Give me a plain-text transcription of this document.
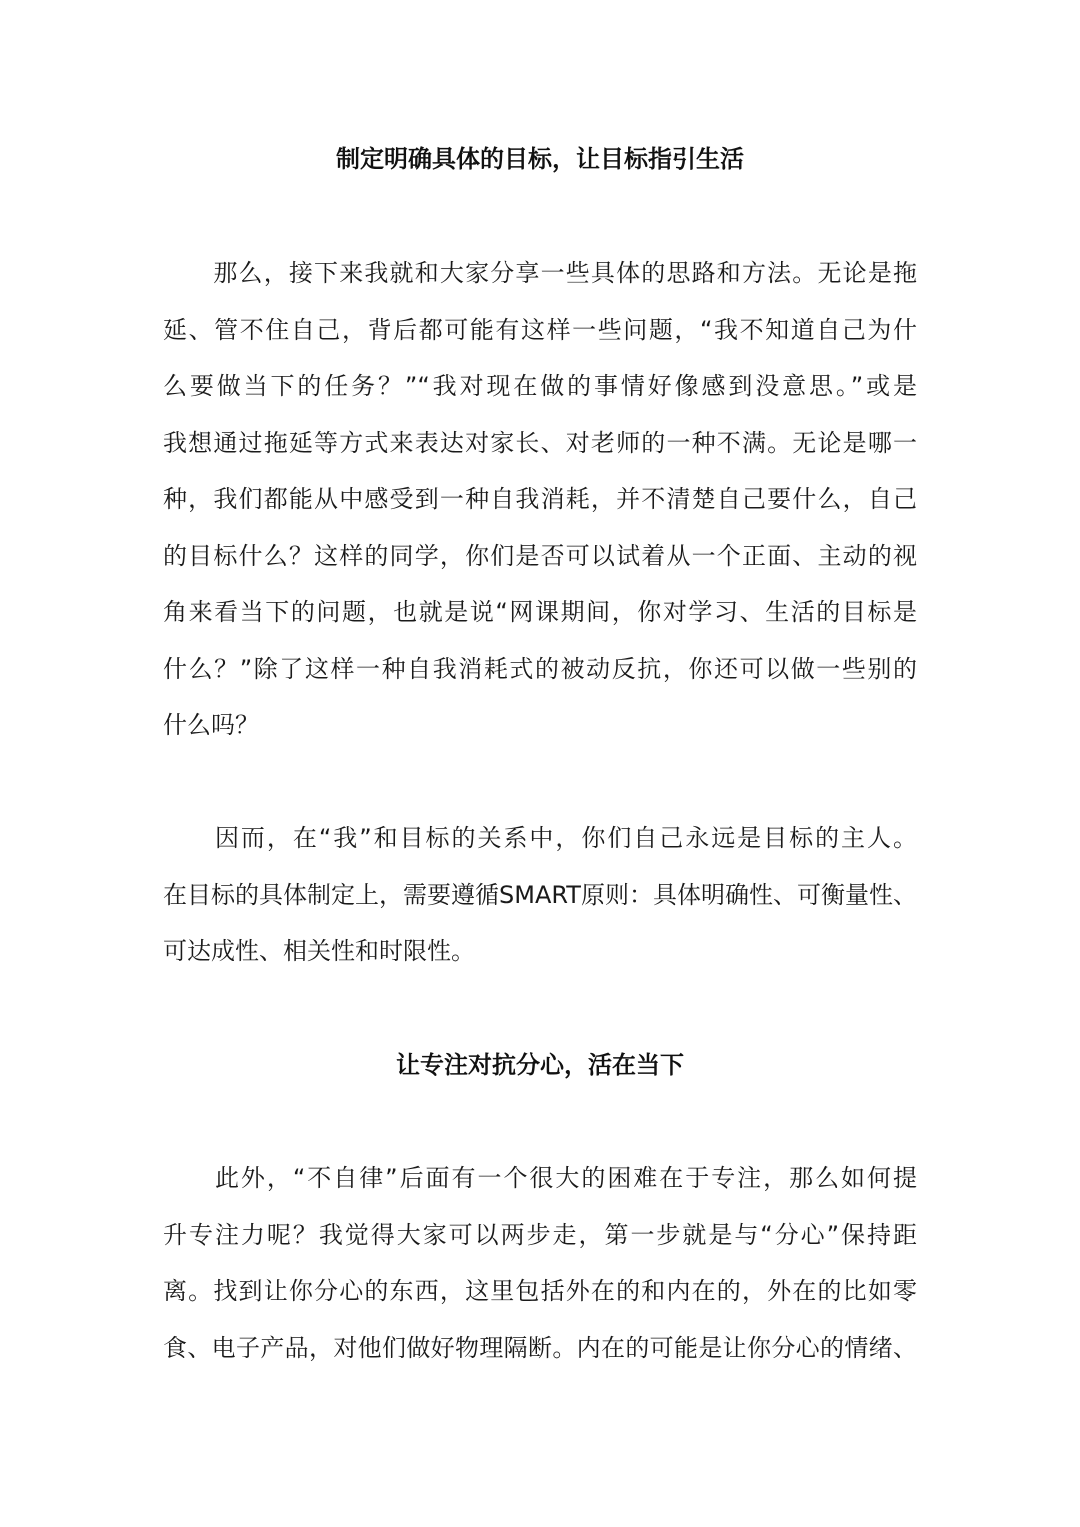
制定明确具体的目标，让目标指引生活
　　那么，接下来我就和大家分享一些具体的思路和方法。无论是拖
延、管不住自己，背后都可能有这样一些问题，“我不知道自己为什
么要做当下的任务？”“我对现在做的事情好像感到没意思。”或是
我想通过拖延等方式来表达对家长、对老师的一种不满。无论是哪一
种，我们都能从中感受到一种自我消耗，并不清楚自己要什么，自己
的目标什么？这样的同学，你们是否可以试着从一个正面、主动的视
角来看当下的问题，也就是说“网课期间，你对学习、生活的目标是
什么？”除了这样一种自我消耗式的被动反抗，你还可以做一些别的
什么吗？
　　因而，在“我”和目标的关系中，你们自己永远是目标的主人。
在目标的具体制定上，需要遵循SMART原则：具体明确性、可衡量性、
可达成性、相关性和时限性。
让专注对抗分心，活在当下
　　此外，“不自律”后面有一个很大的困难在于专注，那么如何提
升专注力呢？我觉得大家可以两步走，第一步就是与“分心”保持距
离。找到让你分心的东西，这里包括外在的和内在的，外在的比如零
食、电子产品，对他们做好物理隔断。内在的可能是让你分心的情绪、
